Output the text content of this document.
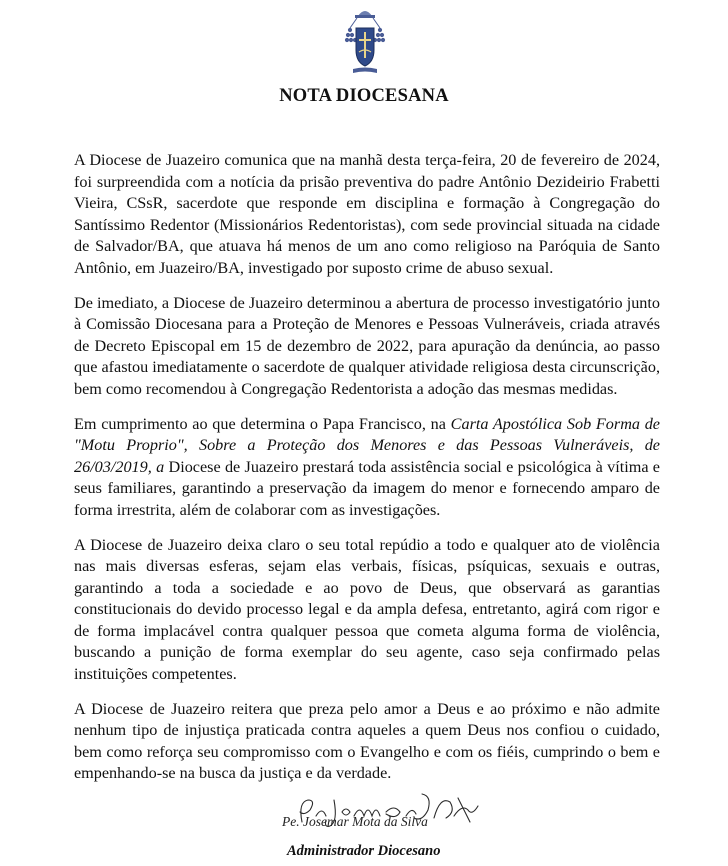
NOTA DIOCESANA

A Diocese de Juazeiro comunica que na manhã desta terça-feira, 20 de fevereiro de 2024, foi surpreendida com a notícia da prisão preventiva do padre Antônio Dezideirio Frabetti Vieira, CSsR, sacerdote que responde em disciplina e formação à Congregação do Santíssimo Redentor (Missionários Redentoristas), com sede provincial situada na cidade de Salvador/BA, que atuava há menos de um ano como religioso na Paróquia de Santo Antônio, em Juazeiro/BA, investigado por suposto crime de abuso sexual.

De imediato, a Diocese de Juazeiro determinou a abertura de processo investigatório junto à Comissão Diocesana para a Proteção de Menores e Pessoas Vulneráveis, criada através de Decreto Episcopal em 15 de dezembro de 2022, para apuração da denúncia, ao passo que afastou imediatamente o sacerdote de qualquer atividade religiosa desta circunscrição, bem como recomendou à Congregação Redentorista a adoção das mesmas medidas.

Em cumprimento ao que determina o Papa Francisco, na Carta Apostólica Sob Forma de "Motu Proprio", Sobre a Proteção dos Menores e das Pessoas Vulneráveis, de 26/03/2019, a Diocese de Juazeiro prestará toda assistência social e psicológica à vítima e seus familiares, garantindo a preservação da imagem do menor e fornecendo amparo de forma irrestrita, além de colaborar com as investigações.

A Diocese de Juazeiro deixa claro o seu total repúdio a todo e qualquer ato de violência nas mais diversas esferas, sejam elas verbais, físicas, psíquicas, sexuais e outras, garantindo a toda a sociedade e ao povo de Deus, que observará as garantias constitucionais do devido processo legal e da ampla defesa, entretanto, agirá com rigor e de forma implacável contra qualquer pessoa que cometa alguma forma de violência, buscando a punição de forma exemplar do seu agente, caso seja confirmado pelas instituições competentes.

A Diocese de Juazeiro reitera que preza pelo amor a Deus e ao próximo e não admite nenhum tipo de injustiça praticada contra aqueles a quem Deus nos confiou o cuidado, bem como reforça seu compromisso com o Evangelho e com os fiéis, cumprindo o bem e empenhando-se na busca da justiça e da verdade.

Pe. Josemar Mota da Silva
Administrador Diocesano
